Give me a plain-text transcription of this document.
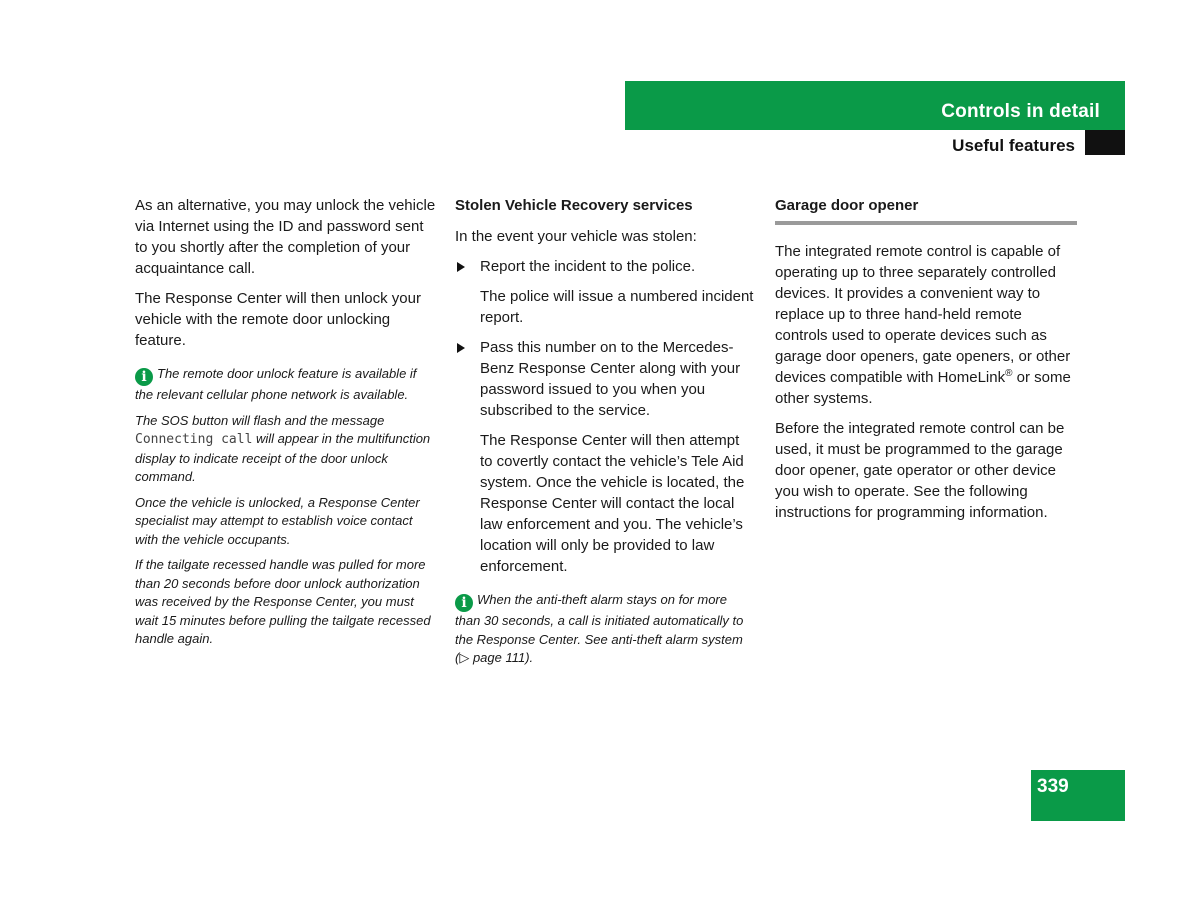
Controls in detail
Useful features

As an alternative, you may unlock the vehicle via Internet using the ID and password sent to you shortly after the completion of your acquaintance call.

The Response Center will then unlock your vehicle with the remote door unlocking feature.

i The remote door unlock feature is available if the relevant cellular phone network is available.
The SOS button will flash and the message Connecting call will appear in the multifunction display to indicate receipt of the door unlock command.
Once the vehicle is unlocked, a Response Center specialist may attempt to establish voice contact with the vehicle occupants.
If the tailgate recessed handle was pulled for more than 20 seconds before door unlock authorization was received by the Response Center, you must wait 15 minutes before pulling the tailgate recessed handle again.
Stolen Vehicle Recovery services

In the event your vehicle was stolen:

Report the incident to the police.

The police will issue a numbered incident report.

Pass this number on to the Mercedes-Benz Response Center along with your password issued to you when you subscribed to the service.

The Response Center will then attempt to covertly contact the vehicle’s Tele Aid system. Once the vehicle is located, the Response Center will contact the local law enforcement and you. The vehicle’s location will only be provided to law enforcement.

i When the anti-theft alarm stays on for more than 30 seconds, a call is initiated automatically to the Response Center. See anti-theft alarm system (▷ page 111).
Garage door opener

The integrated remote control is capable of operating up to three separately controlled devices. It provides a convenient way to replace up to three hand-held remote controls used to operate devices such as garage door openers, gate openers, or other devices compatible with HomeLink® or some other systems.

Before the integrated remote control can be used, it must be programmed to the garage door opener, gate operator or other device you wish to operate. See the following instructions for programming information.

339
